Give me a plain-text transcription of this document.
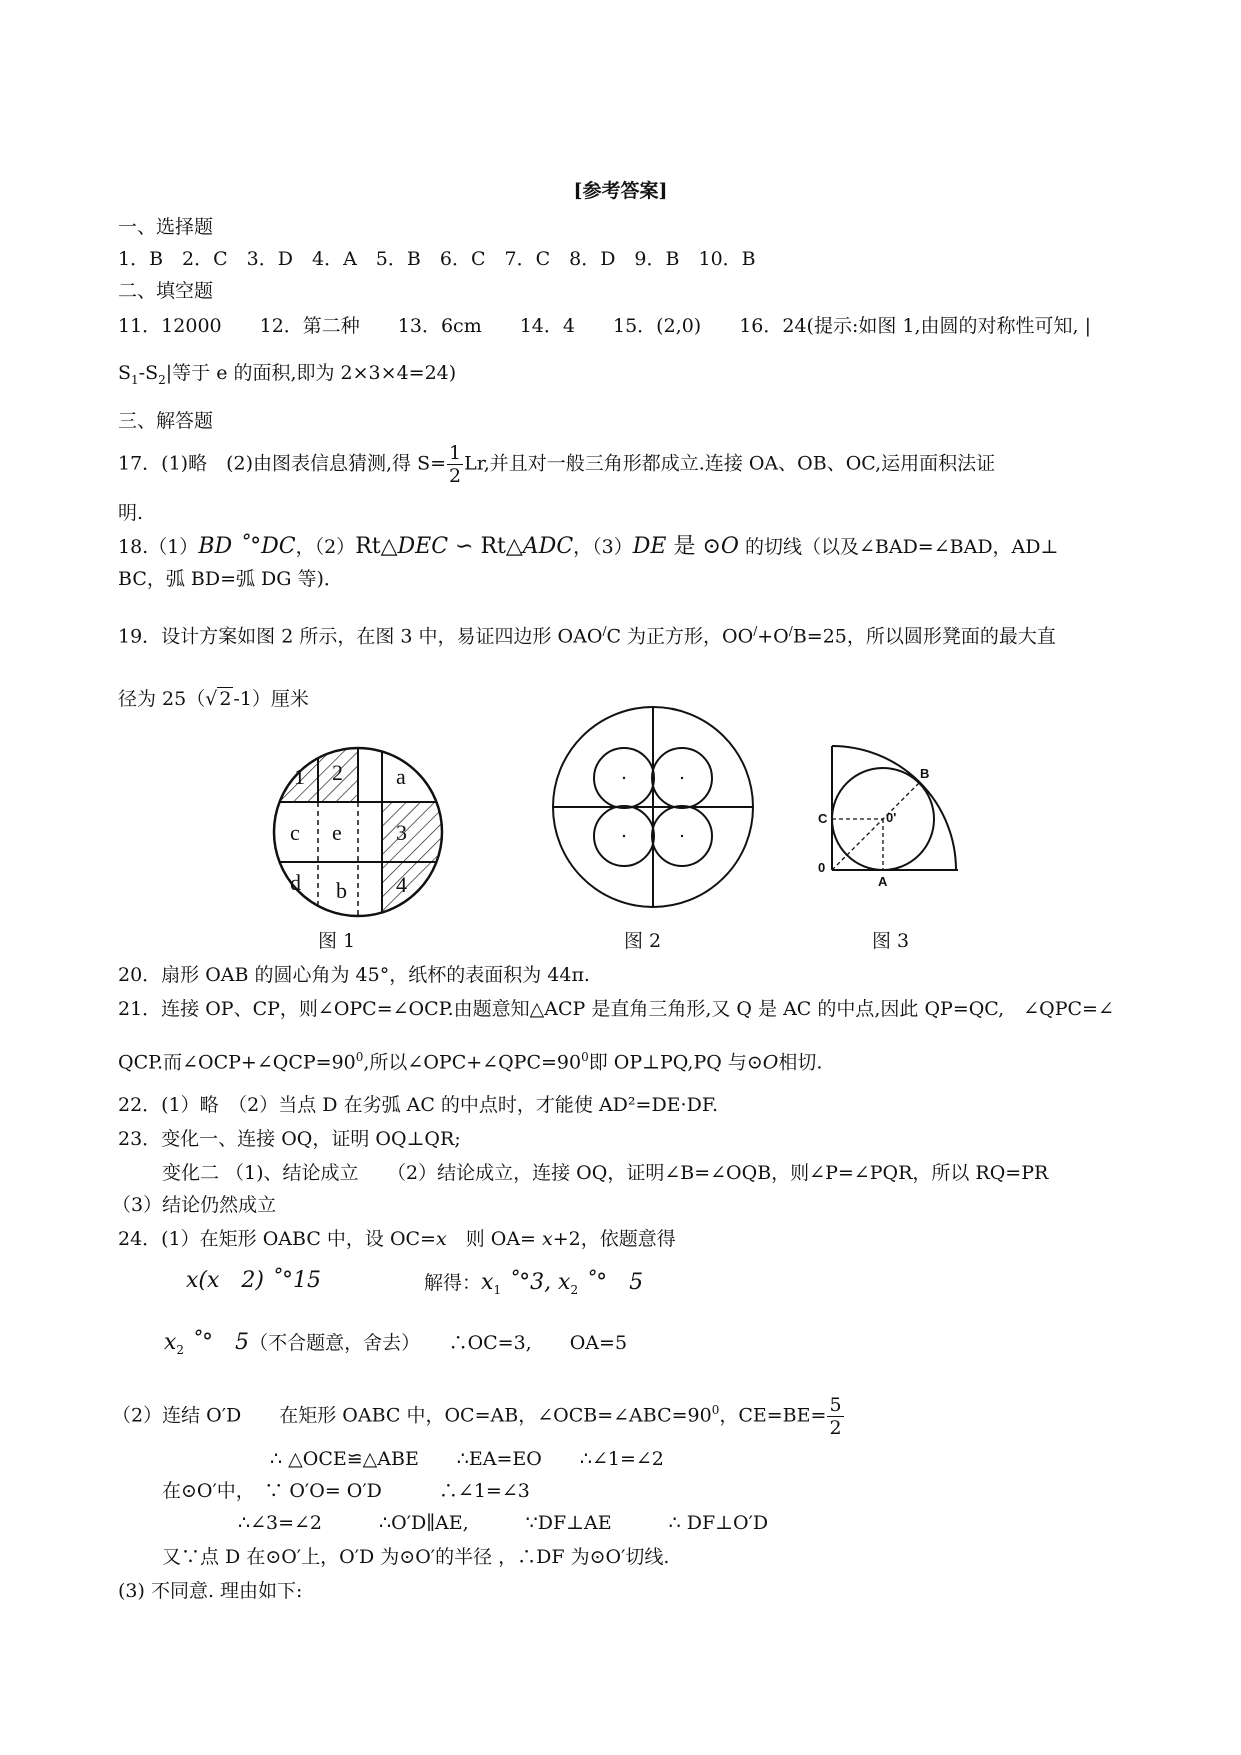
[参考答案]
一、选择题
1．B　2．C　3．D　4．A　5．B　6．C　7．C　8．D　9．B　10．B
二、填空题
11．12000　　12．第二种　　13．6cm　　14．4　　15．(2,0)　　16．24(提示:如图 1,由圆的对称性可知, |
$S_1-S_2|$等于 e 的面积,即为 2×3×4=24)
三、解答题
17．(1)略　(2)由图表信息猜测,得 $S= \frac{1}{2} Lr$,并且对一般三角形都成立.连接 OA、OB、OC,运用面积法证
明.
18.（1）BD ˚°DC，（2）Rt△DEC ∽ Rt△ADC，（3）DE 是 ⊙O 的切线（以及∠BAD=∠BAD，AD⊥
BC，弧 BD=弧 DG 等)．
19．设计方案如图 2 所示，在图 3 中，易证四边形 OAO/C 为正方形，OO/+O/B=25，所以圆形凳面的最大直
径为 25（√ 2 -1）厘米
1 2 a
c e 3
d b 4
图 1	图 2
B
C	0'
0
A
图 3
20．扇形 OAB 的圆心角为 45°，纸杯的表面积为 44π.
21．连接 OP、CP，则∠OPC=∠OCP.由题意知△ACP 是直角三角形,又 Q 是 AC 的中点,因此 QP=QC,　∠QPC=∠
QCP.而$\angle OCP+\angle QCP=90^0$,所以$\angle OPC+\angle QPC=90^0$即 OP⊥PQ,PQ 与⊙O相切.
22．(1）略　（2）当点 D 在劣弧 AC 的中点时，才能使 AD²=DE·DF.
23．变化一、连接 OQ，证明 OQ⊥QR;
变化二 （1)、结论成立　　（2）结论成立，连接 OQ，证明∠B=∠OQB，则∠P=∠PQR，所以 RQ=PR
（3）结论仍然成立
24．(1）在矩形 OABC 中，设 OC=x　 则 OA= x+2，依题意得
x(x　2) ˚°15	解得：$x_1$ ˚°3, $x_2$ ˚°　5
$x_2$ ˚°　5（不合题意，舍去）　　∴OC=3,　　OA=5
（2）连结 O′D　　在矩形 OABC 中，OC=AB，$\angle OCB=\angle ABC=90^0$，$CE=BE= \frac{5}{2}$
∴ △OCE≌△ABE　　∴EA=EO　　∴∠1=∠2
在⊙O′中，　∵ O′O= O′D　　　∴∠1=∠3
∴∠3=∠2　　　∴O′D∥AE,　　　∵DF⊥AE　　　∴ DF⊥O′D
又∵点 D 在⊙O′上，O′D 为⊙O′的半径 ，∴DF 为⊙O′切线.
(3) 不同意. 理由如下:
